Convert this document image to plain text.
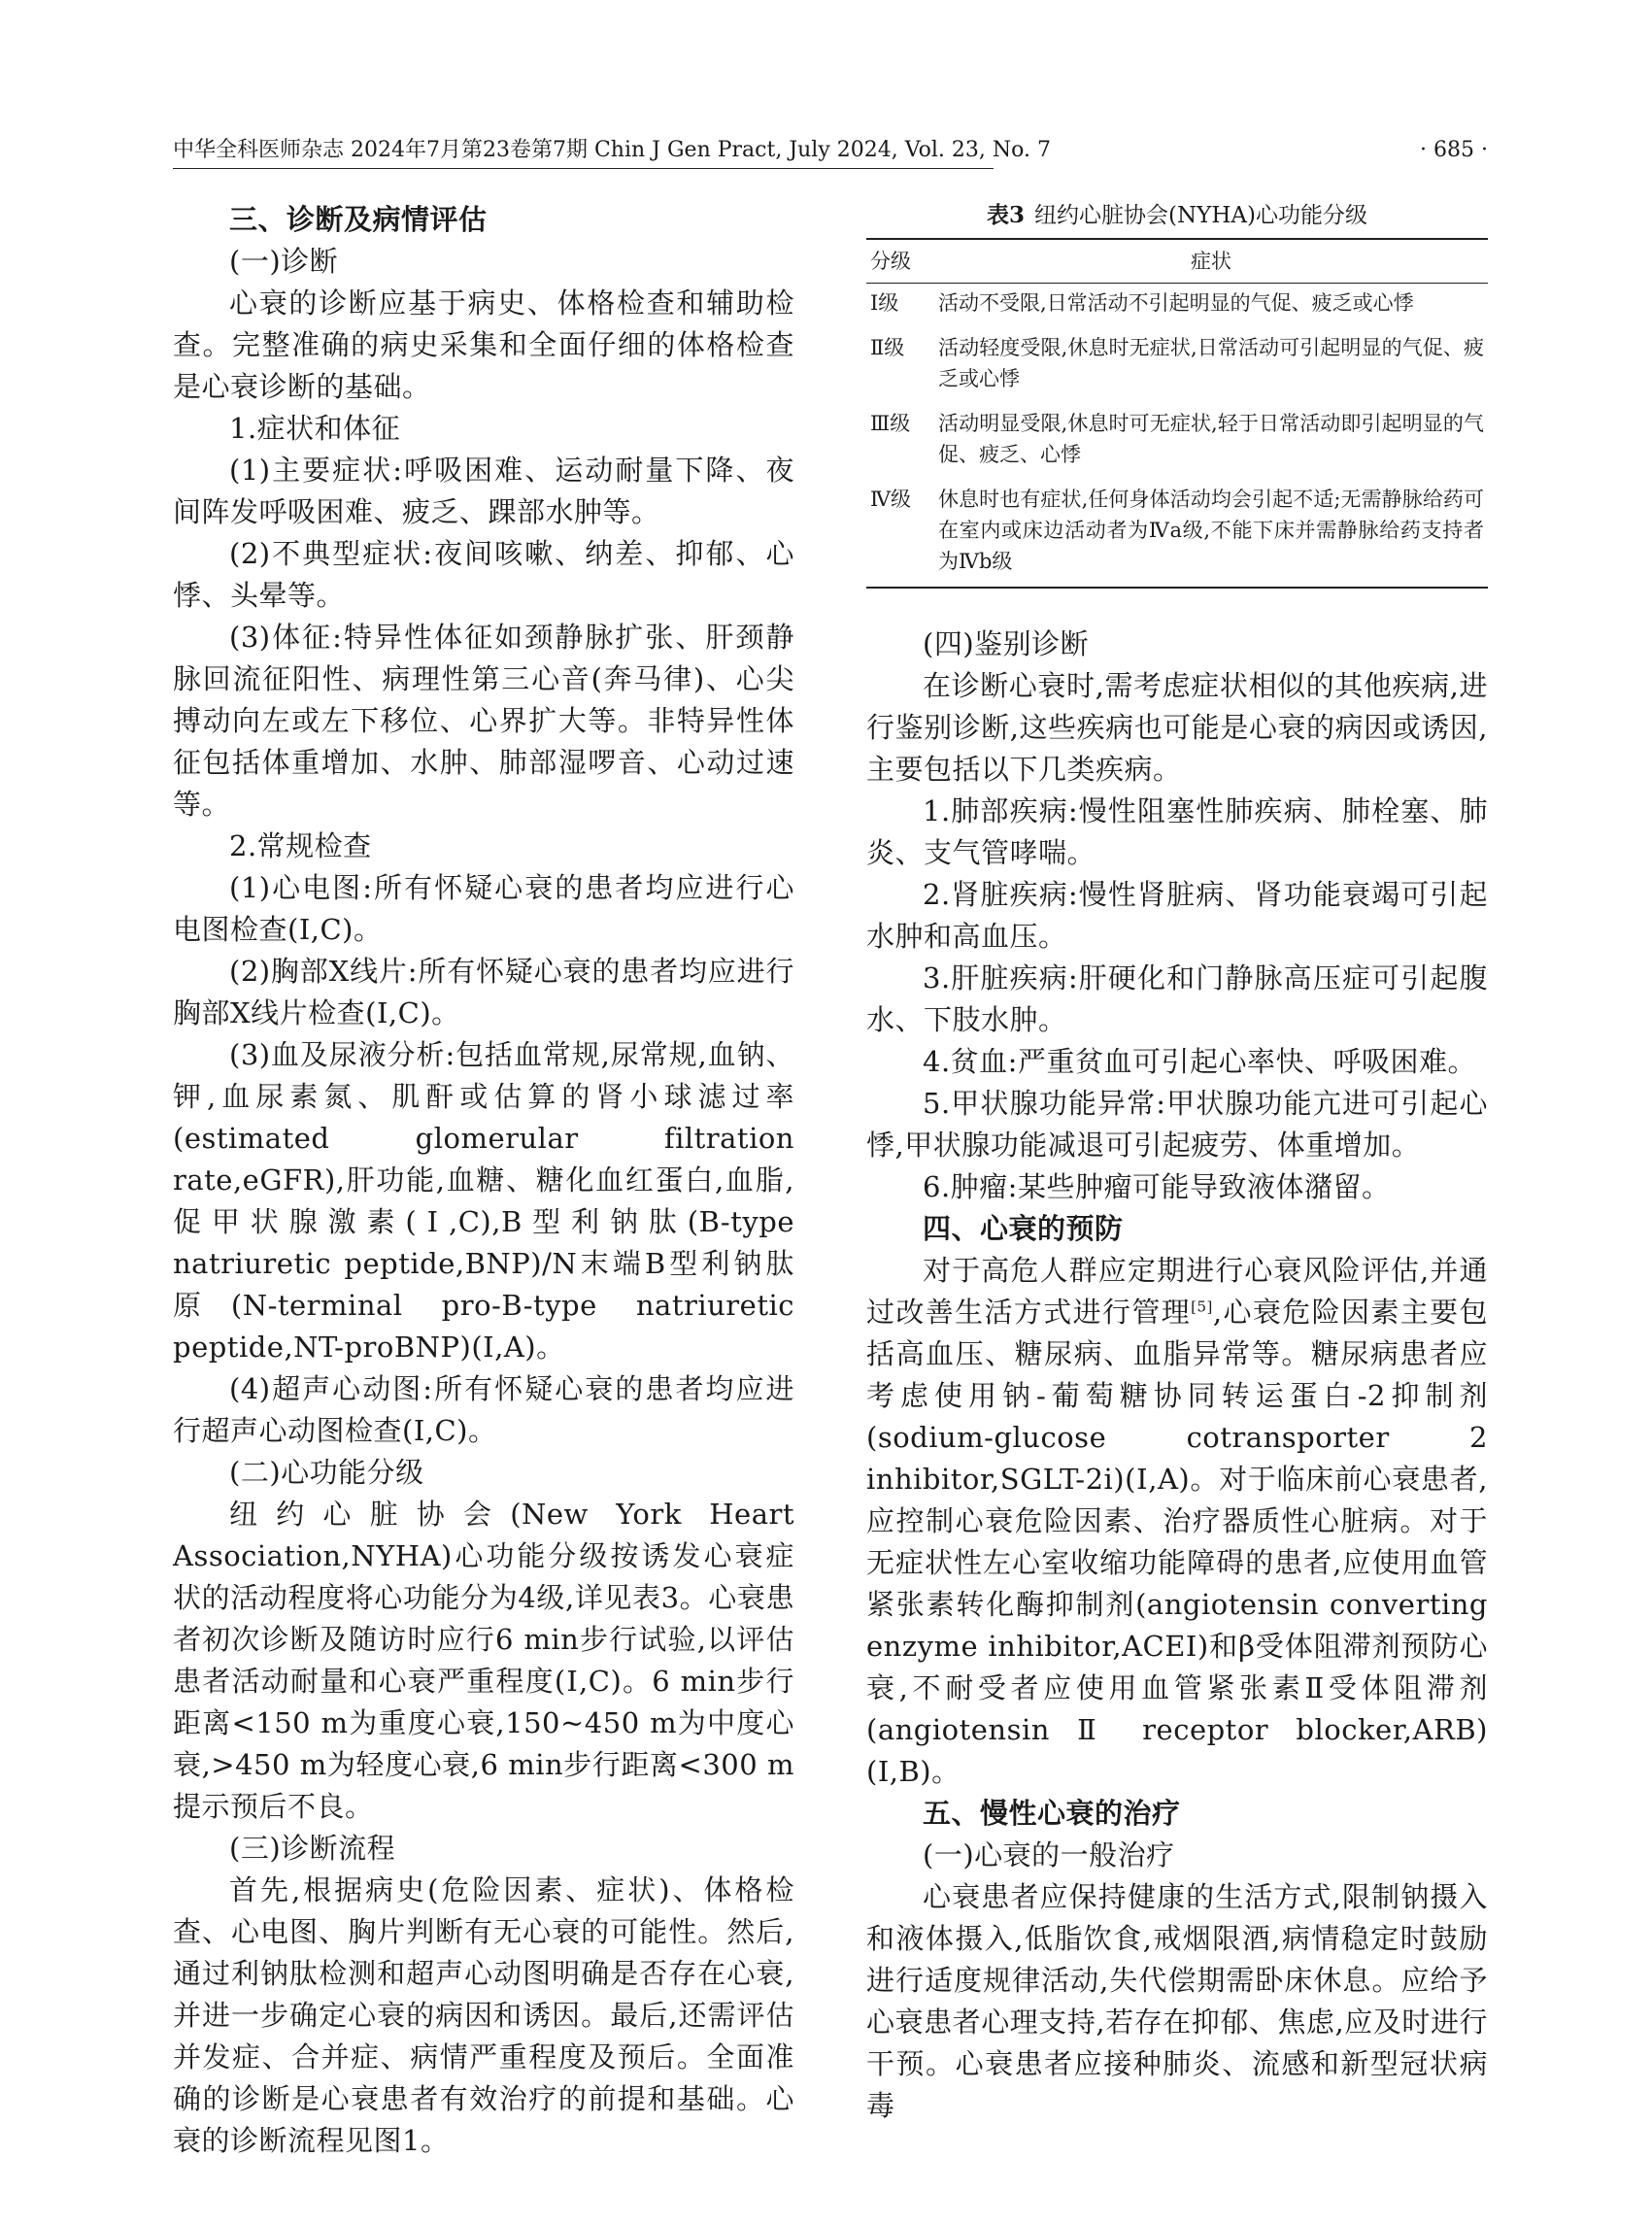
中华全科医师杂志 2024年7月第23卷第7期 Chin J Gen Pract, July 2024, Vol. 23, No. 7	· 685 ·

三、诊断及病情评估

(一)诊断

心衰的诊断应基于病史、体格检查和辅助检查。完整准确的病史采集和全面仔细的体格检查是心衰诊断的基础。

1.症状和体征

(1)主要症状:呼吸困难、运动耐量下降、夜间阵发呼吸困难、疲乏、踝部水肿等。

(2)不典型症状:夜间咳嗽、纳差、抑郁、心悸、头晕等。

(3)体征:特异性体征如颈静脉扩张、肝颈静脉回流征阳性、病理性第三心音(奔马律)、心尖搏动向左或左下移位、心界扩大等。非特异性体征包括体重增加、水肿、肺部湿啰音、心动过速等。

2.常规检查

(1)心电图:所有怀疑心衰的患者均应进行心电图检查(Ⅰ,C)。

(2)胸部X线片:所有怀疑心衰的患者均应进行胸部X线片检查(Ⅰ,C)。

(3)血及尿液分析:包括血常规,尿常规,血钠、钾,血尿素氮、肌酐或估算的肾小球滤过率(estimated glomerular filtration rate,eGFR),肝功能,血糖、糖化血红蛋白,血脂,促甲状腺激素(Ⅰ,C),B型利钠肽(B-type natriuretic peptide,BNP)/N末端B型利钠肽原(N-terminal pro-B-type natriuretic peptide,NT-proBNP)(Ⅰ,A)。

(4)超声心动图:所有怀疑心衰的患者均应进行超声心动图检查(Ⅰ,C)。

(二)心功能分级

纽约心脏协会(New York Heart Association,NYHA)心功能分级按诱发心衰症状的活动程度将心功能分为4级,详见表3。心衰患者初次诊断及随访时应行6 min步行试验,以评估患者活动耐量和心衰严重程度(Ⅰ,C)。6 min步行距离<150 m为重度心衰,150~450 m为中度心衰,>450 m为轻度心衰,6 min步行距离<300 m提示预后不良。

(三)诊断流程

首先,根据病史(危险因素、症状)、体格检查、心电图、胸片判断有无心衰的可能性。然后,通过利钠肽检测和超声心动图明确是否存在心衰,并进一步确定心衰的病因和诱因。最后,还需评估并发症、合并症、病情严重程度及预后。全面准确的诊断是心衰患者有效治疗的前提和基础。心衰的诊断流程见图1。

表3 纽约心脏协会(NYHA)心功能分级
分级	症状
Ⅰ级	活动不受限,日常活动不引起明显的气促、疲乏或心悸
Ⅱ级	活动轻度受限,休息时无症状,日常活动可引起明显的气促、疲乏或心悸
Ⅲ级	活动明显受限,休息时可无症状,轻于日常活动即引起明显的气促、疲乏、心悸
Ⅳ级	休息时也有症状,任何身体活动均会引起不适;无需静脉给药可在室内或床边活动者为Ⅳa级,不能下床并需静脉给药支持者为Ⅳb级

(四)鉴别诊断

在诊断心衰时,需考虑症状相似的其他疾病,进行鉴别诊断,这些疾病也可能是心衰的病因或诱因,主要包括以下几类疾病。

1.肺部疾病:慢性阻塞性肺疾病、肺栓塞、肺炎、支气管哮喘。

2.肾脏疾病:慢性肾脏病、肾功能衰竭可引起水肿和高血压。

3.肝脏疾病:肝硬化和门静脉高压症可引起腹水、下肢水肿。

4.贫血:严重贫血可引起心率快、呼吸困难。

5.甲状腺功能异常:甲状腺功能亢进可引起心悸,甲状腺功能减退可引起疲劳、体重增加。

6.肿瘤:某些肿瘤可能导致液体潴留。

四、心衰的预防

对于高危人群应定期进行心衰风险评估,并通过改善生活方式进行管理[5],心衰危险因素主要包括高血压、糖尿病、血脂异常等。糖尿病患者应考虑使用钠-葡萄糖协同转运蛋白-2抑制剂(sodium-glucose cotransporter 2 inhibitor,SGLT-2i)(Ⅰ,A)。对于临床前心衰患者,应控制心衰危险因素、治疗器质性心脏病。对于无症状性左心室收缩功能障碍的患者,应使用血管紧张素转化酶抑制剂(angiotensin converting enzyme inhibitor,ACEI)和β受体阻滞剂预防心衰,不耐受者应使用血管紧张素Ⅱ受体阻滞剂(angiotensin Ⅱ receptor blocker,ARB)(Ⅰ,B)。

五、慢性心衰的治疗

(一)心衰的一般治疗

心衰患者应保持健康的生活方式,限制钠摄入和液体摄入,低脂饮食,戒烟限酒,病情稳定时鼓励进行适度规律活动,失代偿期需卧床休息。应给予心衰患者心理支持,若存在抑郁、焦虑,应及时进行干预。心衰患者应接种肺炎、流感和新型冠状病毒
